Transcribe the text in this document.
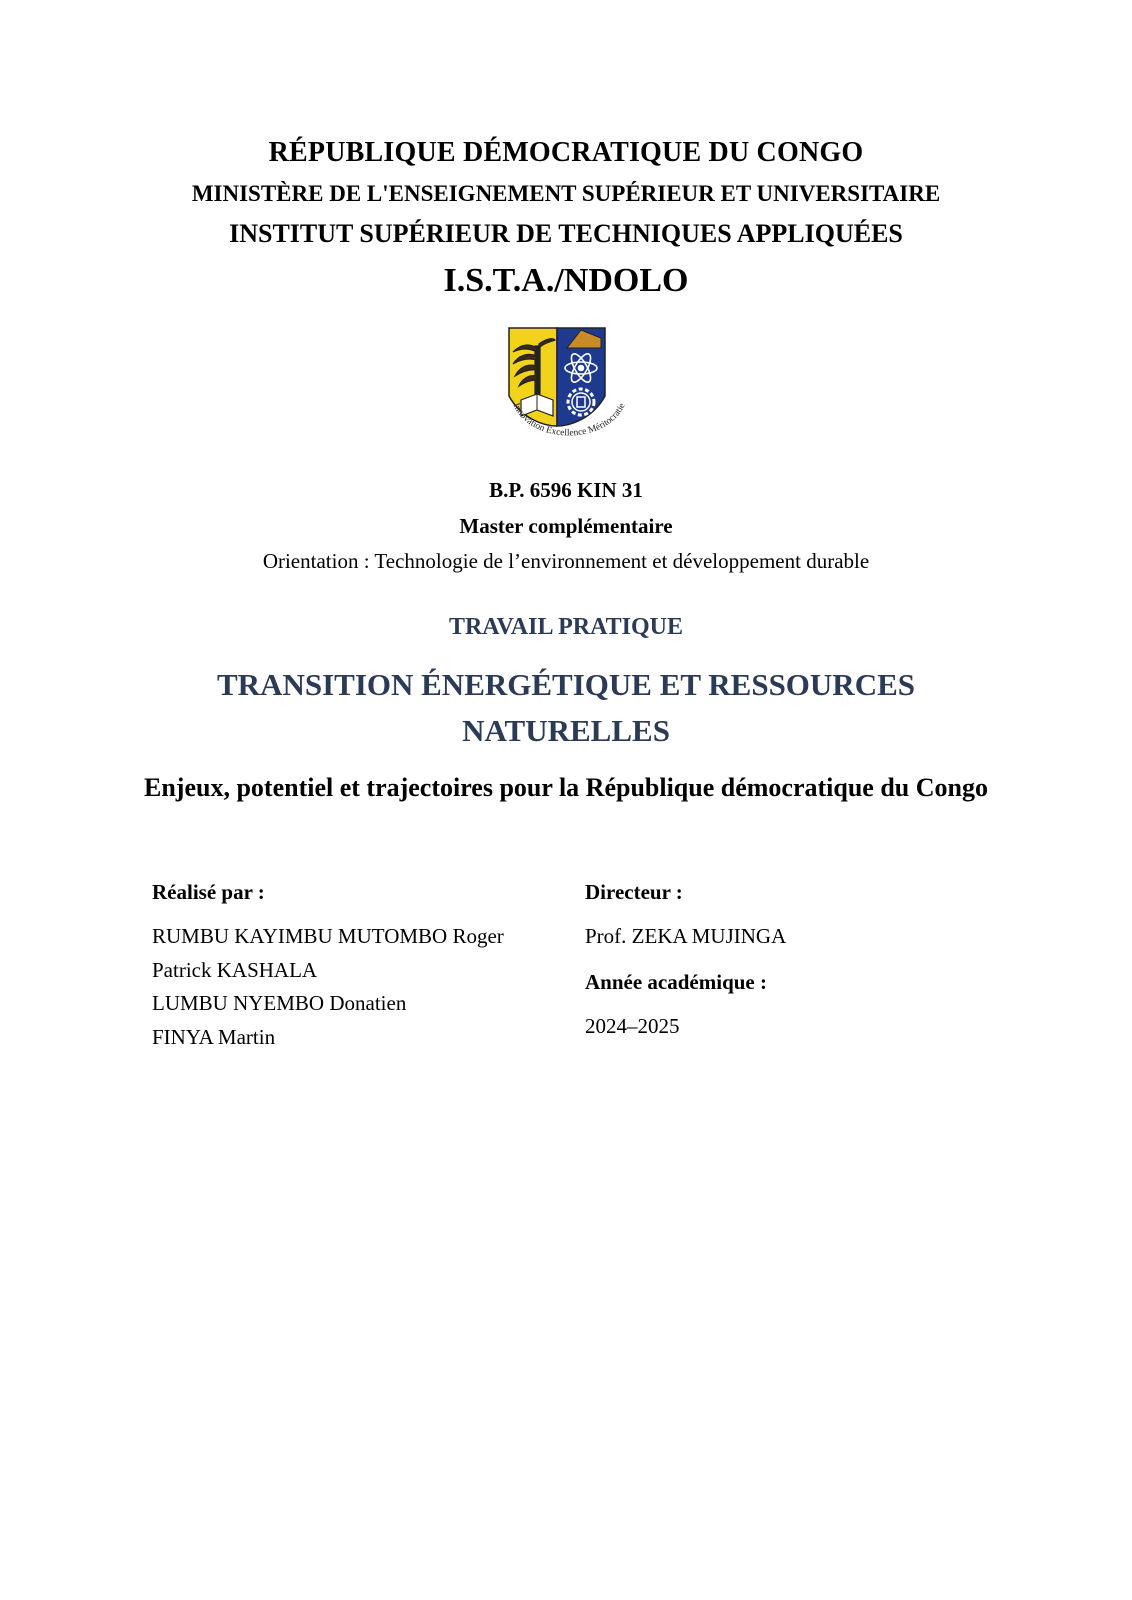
RÉPUBLIQUE DÉMOCRATIQUE DU CONGO
MINISTÈRE DE L'ENSEIGNEMENT SUPÉRIEUR ET UNIVERSITAIRE
INSTITUT SUPÉRIEUR DE TECHNIQUES APPLIQUÉES
I.S.T.A./NDOLO
Innovation Excellence Méritocratie
B.P. 6596 KIN 31
Master complémentaire
Orientation : Technologie de l’environnement et développement durable
TRAVAIL PRATIQUE
TRANSITION ÉNERGÉTIQUE ET RESSOURCES NATURELLES
Enjeux, potentiel et trajectoires pour la République démocratique du Congo

Réalisé par :

RUMBU KAYIMBU MUTOMBO Roger

Patrick KASHALA

LUMBU NYEMBO Donatien

FINYA Martin

Directeur :

Prof. ZEKA MUJINGA

Année académique :

2024–2025
